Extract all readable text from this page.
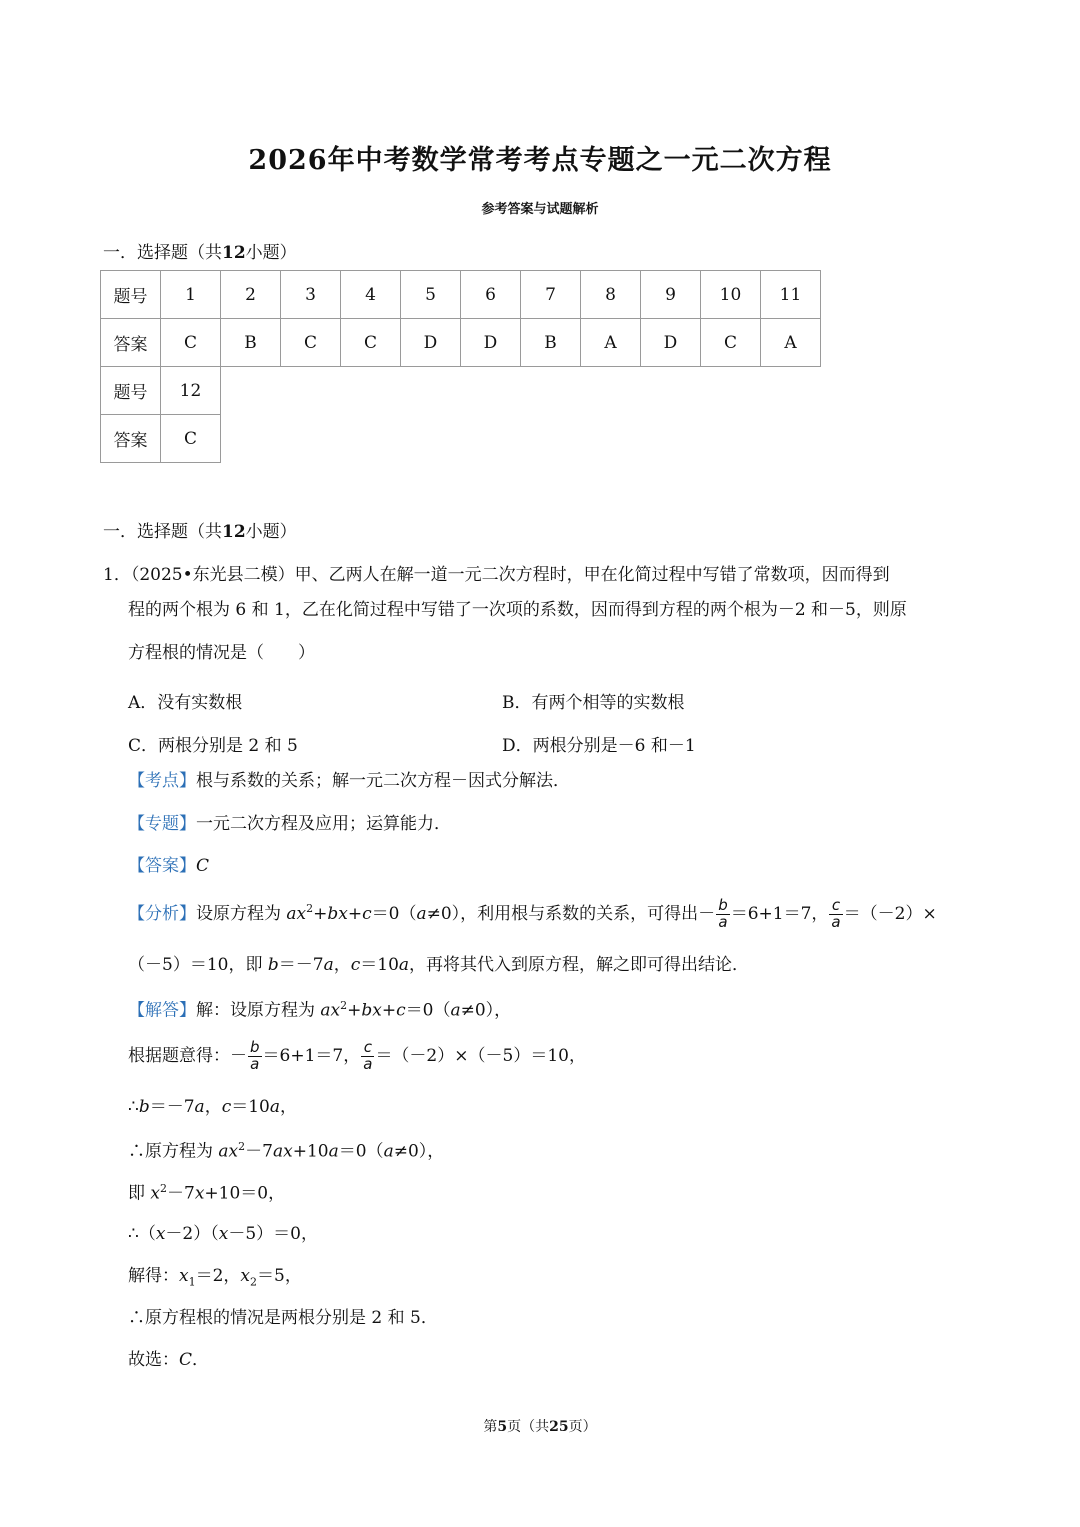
2026年中考数学常考考点专题之一元二次方程
参考答案与试题解析
一．选择题（共12小题）
题号	1	2	3	4	5	6	7	8	9	10	11
答案	C	B	C	C	D	D	B	A	D	C	A
题号	12
答案	C
一．选择题（共12小题）
1．（2025•东光县二模）甲、乙两人在解一道一元二次方程时，甲在化简过程中写错了常数项，因而得到
程的两个根为 6 和 1，乙在化简过程中写错了一次项的系数，因而得到方程的两个根为－2 和－5，则原
方程根的情况是（　　）
A．没有实数根	B．有两个相等的实数根
C．两根分别是 2 和 5	D．两根分别是－6 和－1
【考点】根与系数的关系；解一元二次方程－因式分解法．
【专题】一元二次方程及应用；运算能力．
【答案】C
【分析】设原方程为 $ax^2+bx+c=0(a\ne 0)$，利用根与系数的关系，可得出－ $\frac{b}{a} =6+1=7$， $\frac{c}{a} =(-2)\times$
（－5）＝10，即 b＝－7a，c＝10a，再将其代入到原方程，解之即可得出结论．
【解答】解：设原方程为 $ax^2+bx+c=0(a\ne 0)$，
根据题意得：－ $\frac{b}{a} =6+1=7$， $\frac{c}{a} =(-2)\times(-5)=10$，
∴b＝－7a，c＝10a，
∴原方程为 $ax^2-7ax+10a=0(a\ne 0)$，
即 $x^2-7x+10=0$，
∴（x－2）（x－5）＝0，
解得：$x_1=2$，$x_2=5$，
∴原方程根的情况是两根分别是 2 和 5．
故选：C．
第5页（共25页）
